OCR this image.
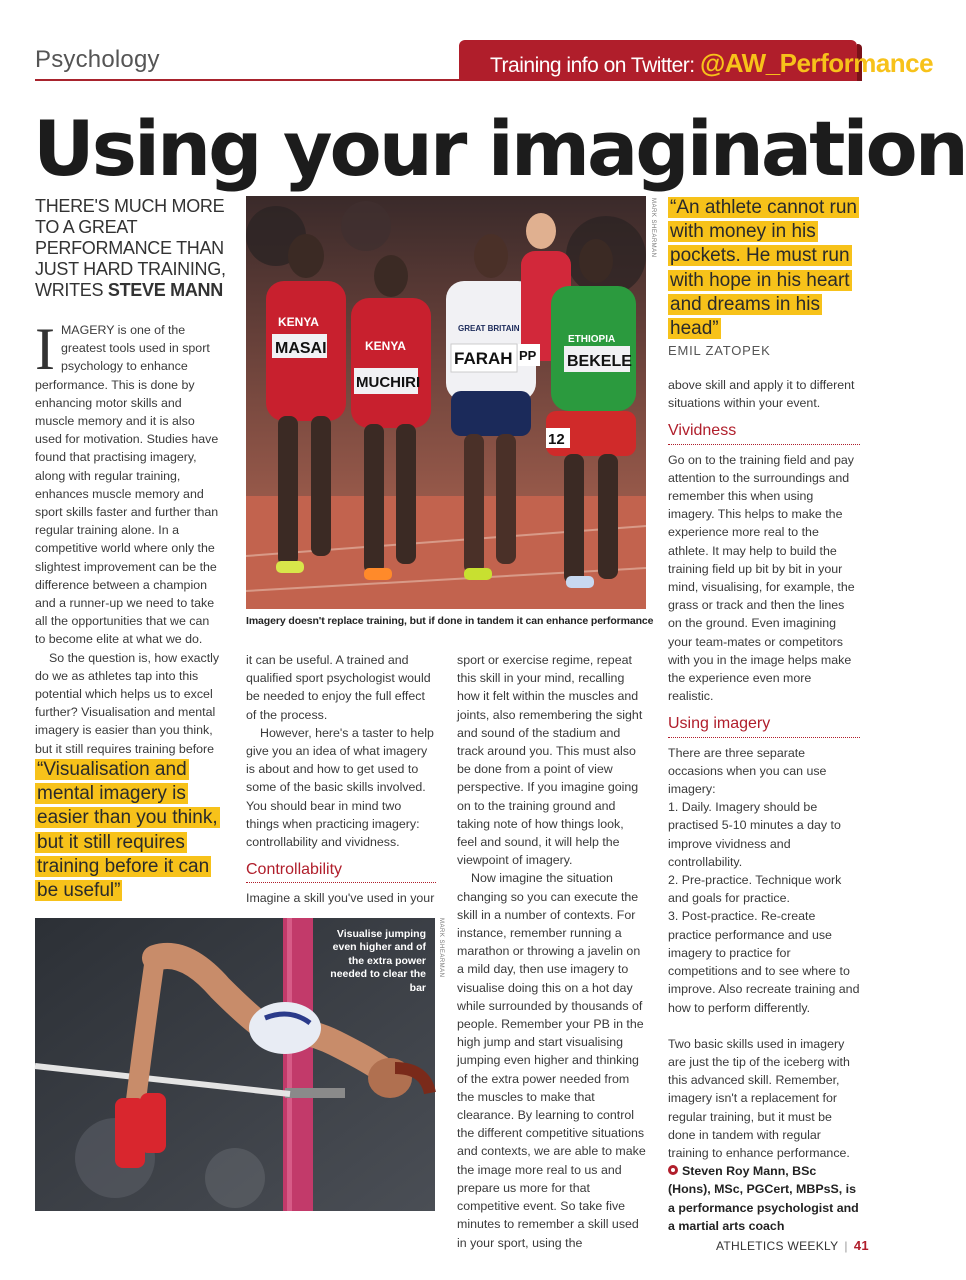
Psychology	Training info on Twitter: @AW_Performance
Using your imagination
THERE'S MUCH MORE TO A GREAT PERFORMANCE THAN JUST HARD TRAINING, WRITES STEVE MANN

IMAGERY is one of the greatest tools used in sport psychology to enhance performance. This is done by enhancing motor skills and muscle memory and it is also used for motivation. Studies have found that practising imagery, along with regular training, enhances muscle memory and sport skills faster and further than regular training alone. In a competitive world where only the slightest improvement can be the difference between a champion and a runner-up we need to take all the opportunities that we can to become elite at what we do.

So the question is, how exactly do we as athletes tap into this potential which helps us to excel further? Visualisation and mental imagery is easier than you think, but it still requires training before

“Visualisation and mental imagery is easier than you think, but it still requires training before it can be useful”
KENYA
MASAI	KENYA
MUCHIRI
GREAT BRITAIN
FARAH PP
ETHIOPIA
BEKELE
12
MARK SHEARMAN
Imagery doesn't replace training, but if done in tandem it can enhance performance

it can be useful. A trained and qualified sport psychologist would be needed to enjoy the full effect of the process.

However, here's a taster to help give you an idea of what imagery is about and how to get used to some of the basic skills involved. You should bear in mind two things when practicing imagery: controllability and vividness.

Controllability

Imagine a skill you've used in your

MARK SHEARMAN
Visualise jumping even higher and of the extra power needed to clear the bar

sport or exercise regime, repeat this skill in your mind, recalling how it felt within the muscles and joints, also remembering the sight and sound of the stadium and track around you. This must also be done from a point of view perspective. If you imagine going on to the training ground and taking note of how things look, feel and sound, it will help the viewpoint of imagery.

Now imagine the situation changing so you can execute the skill in a number of contexts. For instance, remember running a marathon or throwing a javelin on a mild day, then use imagery to visualise doing this on a hot day while surrounded by thousands of people. Remember your PB in the high jump and start visualising jumping even higher and thinking of the extra power needed from the muscles to make that clearance. By learning to control the different competitive situations and contexts, we are able to make the image more real to us and prepare us more for that competitive event. So take five minutes to remember a skill used in your sport, using the

“An athlete cannot run with money in his pockets. He must run with hope in his heart and dreams in his head”
EMIL ZATOPEK

above skill and apply it to different situations within your event.

Vividness

Go on to the training field and pay attention to the surroundings and remember this when using imagery. This helps to make the experience more real to the athlete. It may help to build the training field up bit by bit in your mind, visualising, for example, the grass or track and then the lines on the ground. Even imagining your team-mates or competitors with you in the image helps make the experience even more realistic.

Using imagery

There are three separate occasions when you can use imagery:

1. Daily. Imagery should be practised 5-10 minutes a day to improve vividness and controllability.

2. Pre-practice. Technique work and goals for practice.

3. Post-practice. Re-create practice performance and use imagery to practice for competitions and to see where to improve. Also recreate training and how to perform differently.

Two basic skills used in imagery are just the tip of the iceberg with this advanced skill. Remember, imagery isn't a replacement for regular training, but it must be done in tandem with regular training to enhance performance.

Steven Roy Mann, BSc (Hons), MSc, PGCert, MBPsS, is a performance psychologist and a martial arts coach

ATHLETICS WEEKLY | 41
